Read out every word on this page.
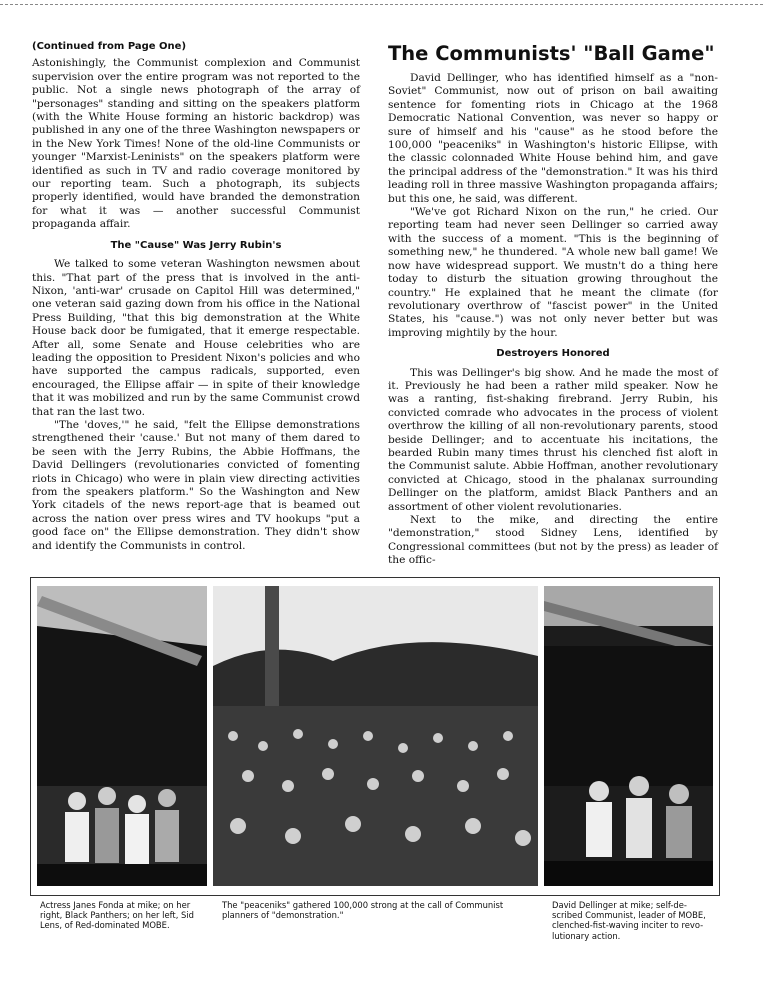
(Continued from Page One)

Astonishingly, the Communist complexion and Communist supervision over the entire program was not reported to the public. Not a single news photograph of the array of "personages" standing and sitting on the speakers platform (with the White House forming an historic backdrop) was published in any one of the three Washington newspapers or in the New York Times! None of the old-line Communists or younger "Marxist-Leninists" on the speakers platform were identified as such in TV and radio coverage monitored by our reporting team. Such a photograph, its subjects properly identified, would have branded the demonstration for what it was — another successful Communist propaganda affair.

The "Cause" Was Jerry Rubin's

We talked to some veteran Washington newsmen about this. "That part of the press that is involved in the anti-Nixon, 'anti-war' crusade on Capitol Hill was determined," one veteran said gazing down from his office in the National Press Building, "that this big demonstration at the White House back door be fumigated, that it emerge respectable. After all, some Senate and House celebrities who are leading the opposition to President Nixon's policies and who have supported the campus radicals, supported, even encouraged, the Ellipse affair — in spite of their knowledge that it was mobilized and run by the same Communist crowd that ran the last two.

"The 'doves,'" he said, "felt the Ellipse demonstrations strengthened their 'cause.' But not many of them dared to be seen with the Jerry Rubins, the Abbie Hoffmans, the David Dellingers (revolutionaries convicted of fomenting riots in Chicago) who were in plain view directing activities from the speakers platform." So the Washington and New York citadels of the news report-age that is beamed out across the nation over press wires and TV hookups "put a good face on" the Ellipse demonstration. They didn't show and identify the Communists in control.

The Communists' "Ball Game"

David Dellinger, who has identified himself as a "non-Soviet" Communist, now out of prison on bail awaiting sentence for fomenting riots in Chicago at the 1968 Democratic National Convention, was never so happy or sure of himself and his "cause" as he stood before the 100,000 "peaceniks" in Washington's historic Ellipse, with the classic colonnaded White House behind him, and gave the principal address of the "demonstration." It was his third leading roll in three massive Washington propaganda affairs; but this one, he said, was different.

"We've got Richard Nixon on the run," he cried. Our reporting team had never seen Dellinger so carried away with the success of a moment. "This is the beginning of something new," he thundered. "A whole new ball game! We now have widespread support. We mustn't do a thing here today to disturb the situation growing throughout the country." He explained that he meant the climate (for revolutionary overthrow of "fascist power" in the United States, his "cause.") was not only never better but was improving mightily by the hour.

Destroyers Honored

This was Dellinger's big show. And he made the most of it. Previously he had been a rather mild speaker. Now he was a ranting, fist-shaking firebrand. Jerry Rubin, his convicted comrade who advocates in the process of violent overthrow the killing of all non-revolutionary parents, stood beside Dellinger; and to accentuate his incitations, the bearded Rubin many times thrust his clenched fist aloft in the Communist salute. Abbie Hoffman, another revolutionary convicted at Chicago, stood in the phalanax surrounding Dellinger on the platform, amidst Black Panthers and an assortment of other violent revolutionaries.

Next to the mike, and directing the entire "demonstration," stood Sidney Lens, identified by Congressional committees (but not by the press) as leader of the offic-

Actress Janes Fonda at mike; on her right, Black Panthers; on her left, Sid Lens, of Red-dominated MOBE.
The "peaceniks" gathered 100,000 strong at the call of Communist planners of "demonstration."
David Dellinger at mike; self-de-scribed Communist, leader of MOBE, clenched-fist-waving inciter to revo-lutionary action.
